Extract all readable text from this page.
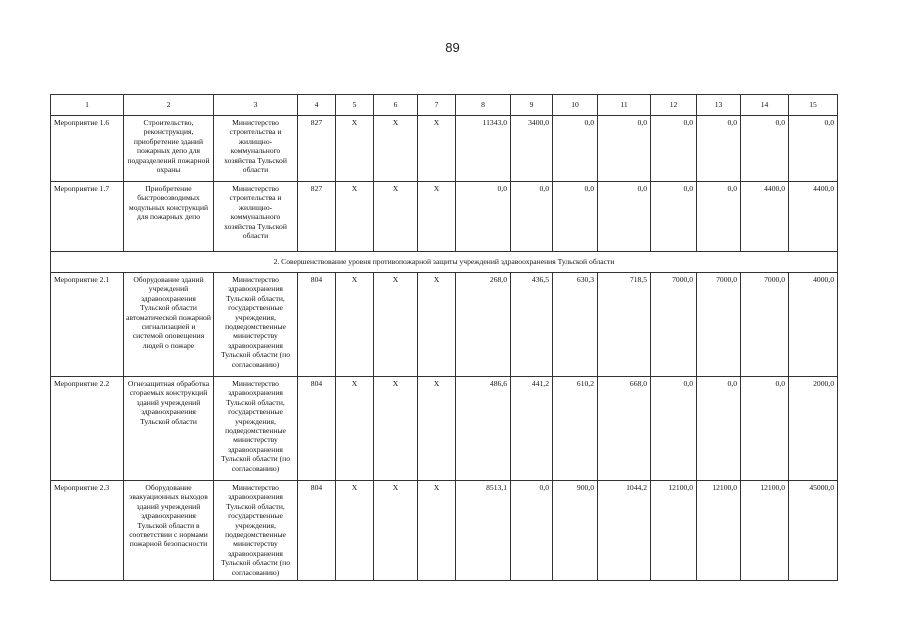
89
1	2	3	4	5	6	7	8	9	10	11	12	13	14	15
Мероприятие 1.6	Строительство, реконструкция, приобретение зданий пожарных депо для подразделений пожарной охраны	Министерство строительства и жилищно-коммунального хозяйства Тульской области	827	X	X	X	11343,0	3400,0	0,0	0,0	0,0	0,0	0,0	0,0
Мероприятие 1.7	Приобретение быстровозводимых модульных конструкций для пожарных депо	Министерство строительства и жилищно-коммунального хозяйства Тульской области	827	X	X	X	0,0	0,0	0,0	0,0	0,0	0,0	4400,0	4400,0
2. Совершенствование уровня противопожарной защиты учреждений здравоохранения Тульской области														
Мероприятие 2.1	Оборудование зданий учреждений здравоохранения Тульской области автоматической пожарной сигнализацией и системой оповещения людей о пожаре	Министерство здравоохранения Тульской области, государственные учреждения, подведомственные министерству здравоохранения Тульской области (по согласованию)	804	X	X	X	268,0	436,5	630,3	718,5	7000,0	7000,0	7000,0	4000,0
Мероприятие 2.2	Огнезащитная обработка сгораемых конструкций зданий учреждений здравоохранения Тульской области	Министерство здравоохранения Тульской области, государственные учреждения, подведомственные министерству здравоохранения Тульской области (по согласованию)	804	X	X	X	486,6	441,2	610,2	668,0	0,0	0,0	0,0	2000,0
Мероприятие 2.3	Оборудование эвакуационных выходов зданий учреждений здравоохранения Тульской области в соответствии с нормами пожарной безопасности	Министерство здравоохранения Тульской области, государственные учреждения, подведомственные министерству здравоохранения Тульской области (по согласованию)	804	X	X	X	8513,1	0,0	900,0	1044,2	12100,0	12100,0	12100,0	45000,0
